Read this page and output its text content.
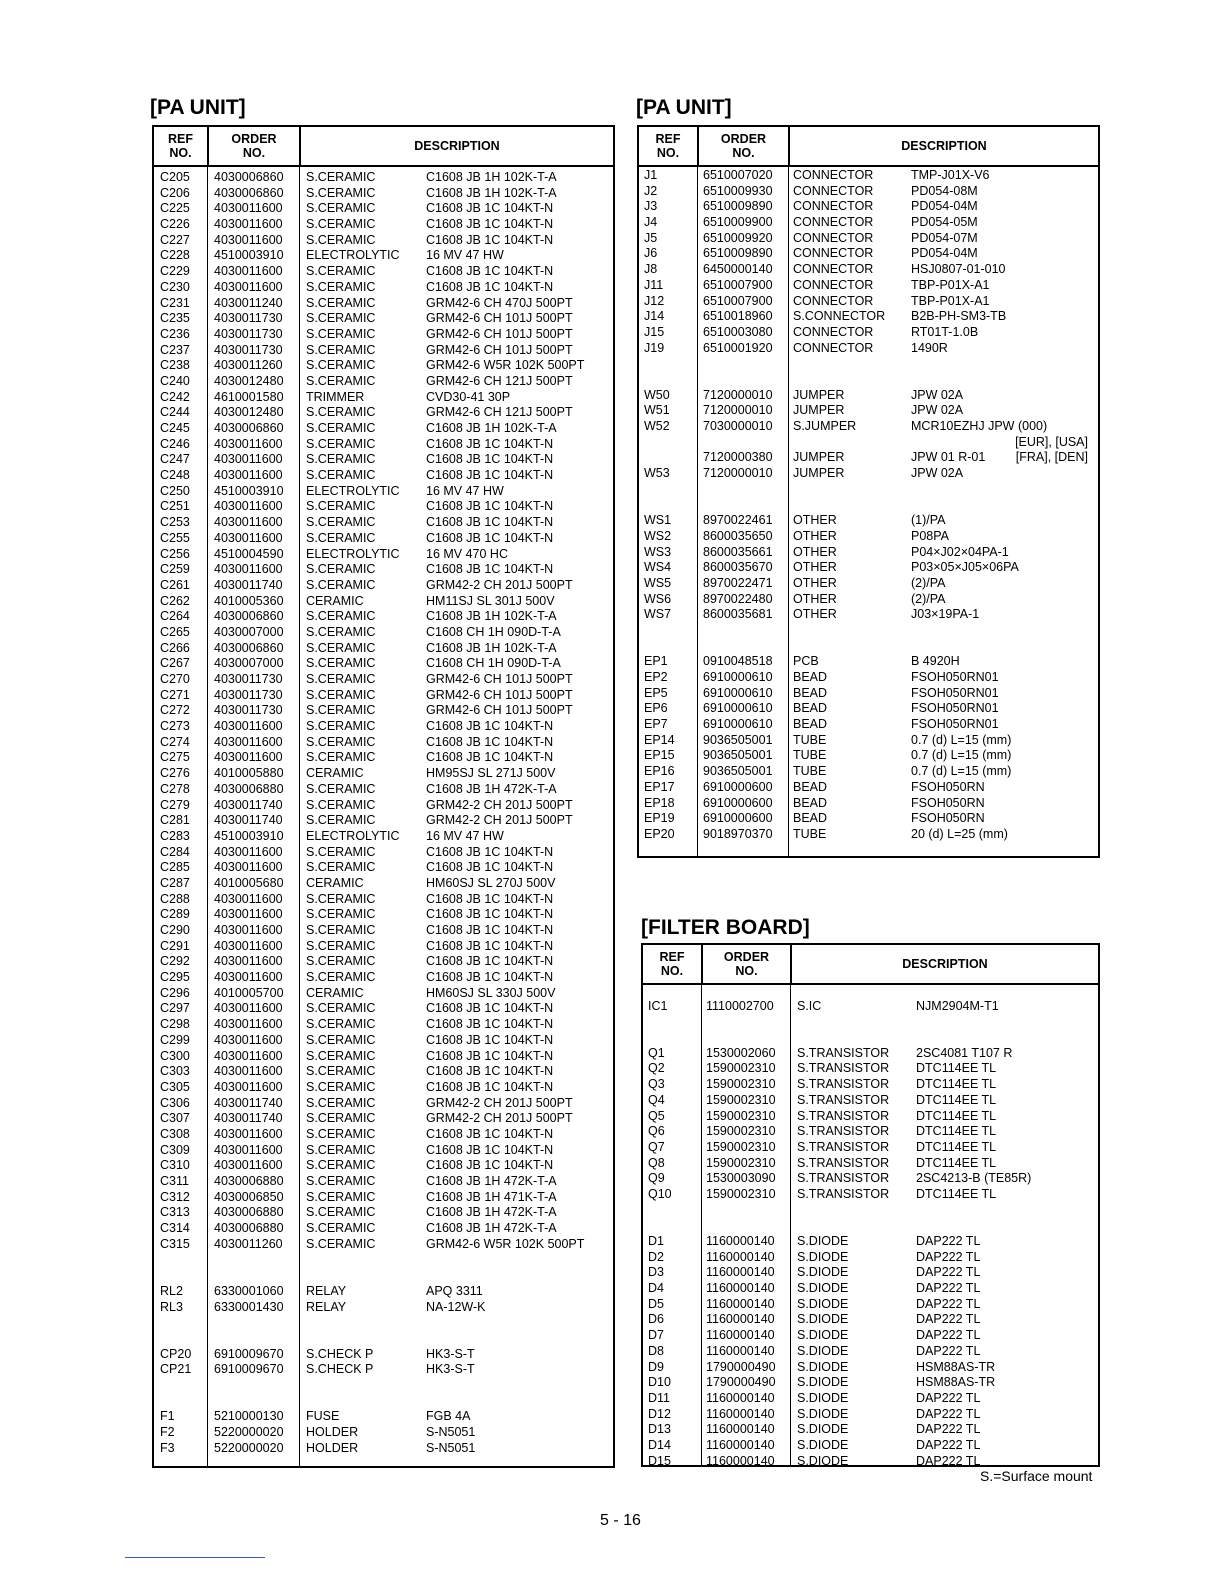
[PA UNIT]
REF
NO.
ORDER
NO.	DESCRIPTION
C205 4030006860 S.CERAMIC	C1608 JB 1H 102K-T-A
C206 4030006860 S.CERAMIC	C1608 JB 1H 102K-T-A
C225 4030011600 S.CERAMIC	C1608 JB 1C 104KT-N
C226 4030011600 S.CERAMIC	C1608 JB 1C 104KT-N
C227 4030011600 S.CERAMIC	C1608 JB 1C 104KT-N
C228 4510003910 ELECTROLYTIC 16 MV 47 HW
C229 4030011600 S.CERAMIC	C1608 JB 1C 104KT-N
C230 4030011600 S.CERAMIC	C1608 JB 1C 104KT-N
C231 4030011240 S.CERAMIC	GRM42-6 CH 470J 500PT
C235 4030011730 S.CERAMIC	GRM42-6 CH 101J 500PT
C236 4030011730 S.CERAMIC	GRM42-6 CH 101J 500PT
C237 4030011730 S.CERAMIC	GRM42-6 CH 101J 500PT
C238 4030011260 S.CERAMIC	GRM42-6 W5R 102K 500PT
C240 4030012480 S.CERAMIC	GRM42-6 CH 121J 500PT
C242 4610001580 TRIMMER	CVD30-41 30P
C244 4030012480 S.CERAMIC	GRM42-6 CH 121J 500PT
C245 4030006860 S.CERAMIC	C1608 JB 1H 102K-T-A
C246 4030011600 S.CERAMIC	C1608 JB 1C 104KT-N
C247 4030011600 S.CERAMIC	C1608 JB 1C 104KT-N
C248 4030011600 S.CERAMIC	C1608 JB 1C 104KT-N
C250 4510003910 ELECTROLYTIC 16 MV 47 HW
C251 4030011600 S.CERAMIC	C1608 JB 1C 104KT-N
C253 4030011600 S.CERAMIC	C1608 JB 1C 104KT-N
C255 4030011600 S.CERAMIC	C1608 JB 1C 104KT-N
C256 4510004590 ELECTROLYTIC 16 MV 470 HC
C259 4030011600 S.CERAMIC	C1608 JB 1C 104KT-N
C261 4030011740 S.CERAMIC	GRM42-2 CH 201J 500PT
C262 4010005360 CERAMIC	HM11SJ SL 301J 500V
C264 4030006860 S.CERAMIC	C1608 JB 1H 102K-T-A
C265 4030007000 S.CERAMIC	C1608 CH 1H 090D-T-A
C266 4030006860 S.CERAMIC	C1608 JB 1H 102K-T-A
C267 4030007000 S.CERAMIC	C1608 CH 1H 090D-T-A
C270 4030011730 S.CERAMIC	GRM42-6 CH 101J 500PT
C271 4030011730 S.CERAMIC	GRM42-6 CH 101J 500PT
C272 4030011730 S.CERAMIC	GRM42-6 CH 101J 500PT
C273 4030011600 S.CERAMIC	C1608 JB 1C 104KT-N
C274 4030011600 S.CERAMIC	C1608 JB 1C 104KT-N
C275 4030011600 S.CERAMIC	C1608 JB 1C 104KT-N
C276 4010005880 CERAMIC	HM95SJ SL 271J 500V
C278 4030006880 S.CERAMIC	C1608 JB 1H 472K-T-A
C279 4030011740 S.CERAMIC	GRM42-2 CH 201J 500PT
C281 4030011740 S.CERAMIC	GRM42-2 CH 201J 500PT
C283 4510003910 ELECTROLYTIC 16 MV 47 HW
C284 4030011600 S.CERAMIC	C1608 JB 1C 104KT-N
C285 4030011600 S.CERAMIC	C1608 JB 1C 104KT-N
C287 4010005680 CERAMIC	HM60SJ SL 270J 500V
C288 4030011600 S.CERAMIC	C1608 JB 1C 104KT-N
C289 4030011600 S.CERAMIC	C1608 JB 1C 104KT-N
C290 4030011600 S.CERAMIC	C1608 JB 1C 104KT-N
C291 4030011600 S.CERAMIC	C1608 JB 1C 104KT-N
C292 4030011600 S.CERAMIC	C1608 JB 1C 104KT-N
C295 4030011600 S.CERAMIC	C1608 JB 1C 104KT-N
C296 4010005700 CERAMIC	HM60SJ SL 330J 500V
C297 4030011600 S.CERAMIC	C1608 JB 1C 104KT-N
C298 4030011600 S.CERAMIC	C1608 JB 1C 104KT-N
C299 4030011600 S.CERAMIC	C1608 JB 1C 104KT-N
C300 4030011600 S.CERAMIC	C1608 JB 1C 104KT-N
C303 4030011600 S.CERAMIC	C1608 JB 1C 104KT-N
C305 4030011600 S.CERAMIC	C1608 JB 1C 104KT-N
C306 4030011740 S.CERAMIC	GRM42-2 CH 201J 500PT
C307 4030011740 S.CERAMIC	GRM42-2 CH 201J 500PT
C308 4030011600 S.CERAMIC	C1608 JB 1C 104KT-N
C309 4030011600 S.CERAMIC	C1608 JB 1C 104KT-N
C310 4030011600 S.CERAMIC	C1608 JB 1C 104KT-N
C311 4030006880 S.CERAMIC	C1608 JB 1H 472K-T-A
C312 4030006850 S.CERAMIC	C1608 JB 1H 471K-T-A
C313 4030006880 S.CERAMIC	C1608 JB 1H 472K-T-A
C314 4030006880 S.CERAMIC	C1608 JB 1H 472K-T-A
C315 4030011260 S.CERAMIC	GRM42-6 W5R 102K 500PT
RL2 6330001060 RELAY	APQ 3311
RL3 6330001430 RELAY	NA-12W-K
CP20 6910009670 S.CHECK P	HK3-S-T
CP21 6910009670 S.CHECK P	HK3-S-T
F1	5210000130 FUSE	FGB 4A
F2	5220000020 HOLDER	S-N5051
F3	5220000020 HOLDER	S-N5051
[PA UNIT]
REF
NO.
ORDER
NO.	DESCRIPTION
J1	6510007020 CONNECTOR	TMP-J01X-V6
J2	6510009930 CONNECTOR	PD054-08M
J3	6510009890 CONNECTOR	PD054-04M
J4	6510009900 CONNECTOR	PD054-05M
J5	6510009920 CONNECTOR	PD054-07M
J6	6510009890 CONNECTOR	PD054-04M
J8	6450000140 CONNECTOR	HSJ0807-01-010
J11	6510007900 CONNECTOR	TBP-P01X-A1
J12	6510007900 CONNECTOR	TBP-P01X-A1
J14	6510018960 S.CONNECTOR B2B-PH-SM3-TB
J15	6510003080 CONNECTOR	RT01T-1.0B
J19	6510001920 CONNECTOR	1490R
W50	7120000010 JUMPER	JPW 02A
W51	7120000010 JUMPER	JPW 02A
W52	7030000010 S.JUMPER	MCR10EZHJ JPW (000)
[EUR], [USA]
7120000380 JUMPER	JPW 01 R-01 [FRA], [DEN]
W53	7120000010 JUMPER	JPW 02A
WS1	8970022461 OTHER	(1)/PA
WS2	8600035650 OTHER	P08PA
WS3	8600035661 OTHER	P04×J02×04PA-1
WS4	8600035670 OTHER	P03×05×J05×06PA
WS5	8970022471 OTHER	(2)/PA
WS6	8970022480 OTHER	(2)/PA
WS7	8600035681 OTHER	J03×19PA-1
EP1	0910048518 PCB	B 4920H
EP2	6910000610 BEAD	FSOH050RN01
EP5	6910000610 BEAD	FSOH050RN01
EP6	6910000610 BEAD	FSOH050RN01
EP7	6910000610 BEAD	FSOH050RN01
EP14 9036505001 TUBE	0.7 (d) L=15 (mm)
EP15 9036505001 TUBE	0.7 (d) L=15 (mm)
EP16 9036505001 TUBE	0.7 (d) L=15 (mm)
EP17 6910000600 BEAD	FSOH050RN
EP18 6910000600 BEAD	FSOH050RN
EP19 6910000600 BEAD	FSOH050RN
EP20 9018970370 TUBE	20 (d) L=25 (mm)
[FILTER BOARD]
REF
NO.
ORDER
NO.	DESCRIPTION
IC1	1110002700 S.IC	NJM2904M-T1
Q1	1530002060 S.TRANSISTOR 2SC4081 T107 R
Q2	1590002310 S.TRANSISTOR DTC114EE TL
Q3	1590002310 S.TRANSISTOR DTC114EE TL
Q4	1590002310 S.TRANSISTOR DTC114EE TL
Q5	1590002310 S.TRANSISTOR DTC114EE TL
Q6	1590002310 S.TRANSISTOR DTC114EE TL
Q7	1590002310 S.TRANSISTOR DTC114EE TL
Q8	1590002310 S.TRANSISTOR DTC114EE TL
Q9	1530003090 S.TRANSISTOR 2SC4213-B (TE85R)
Q10	1590002310 S.TRANSISTOR DTC114EE TL
D1	1160000140 S.DIODE	DAP222 TL
D2	1160000140 S.DIODE	DAP222 TL
D3	1160000140 S.DIODE	DAP222 TL
D4	1160000140 S.DIODE	DAP222 TL
D5	1160000140 S.DIODE	DAP222 TL
D6	1160000140 S.DIODE	DAP222 TL
D7	1160000140 S.DIODE	DAP222 TL
D8	1160000140 S.DIODE	DAP222 TL
D9	1790000490 S.DIODE	HSM88AS-TR
D10	1790000490 S.DIODE	HSM88AS-TR
D11	1160000140 S.DIODE	DAP222 TL
D12	1160000140 S.DIODE	DAP222 TL
D13	1160000140 S.DIODE	DAP222 TL
D14	1160000140 S.DIODE	DAP222 TL
D15	1160000140 S.DIODE	DAP222 TL
S.=Surface mount
5 - 16
